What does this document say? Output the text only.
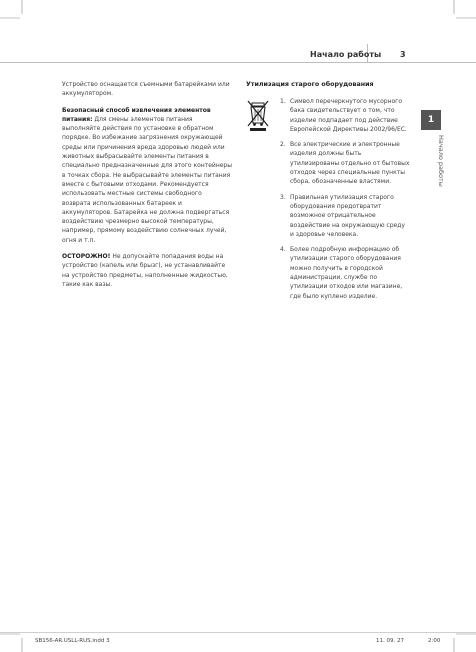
Начало работы 3

Устройство оснащается съемными батарейками или аккумулятором.

Безопасный способ извлечения элементов питания: Для смены элементов питания выполняйте действия по установке в обратном порядке. Во избежание загрязнения окружающей среды или причинения вреда здоровью людей или животных выбрасывайте элементы питания в специально предназначенные для этого контейнеры в точках сбора. Не выбрасывайте элементы питания вместе с бытовыми отходами. Рекомендуется использовать местные системы свободного возврата использованных батареек и аккумуляторов. Батарейка не должна подвергаться воздействию чрезмерно высокой температуры, например, прямому воздействию солнечных лучей, огня и т.п.

ОСТОРОЖНО! Не допускайте попадания воды на устройство (капель или брызг), не устанавливайте на устройство предметы, наполненные жидкостью, такие как вазы.

Утилизация старого оборудования
1. Символ перечеркнутого мусорного бака свидетельствует о том, что изделие подпадает под действие Европейской Директивы 2002/96/EC.
2. Все электрические и электронные изделия должны быть утилизированы отдельно от бытовых отходов через специальные пункты сбора, обозначенные властями.
3. Правильная утилизация старого оборудования предотвратит возможное отрицательное воздействие на окружающую среду и здоровье человека.
4. Более подробную информацию об утилизации старого оборудования можно получить в городской администрации, службе по утилизации отходов или магазине, где было куплено изделие.
1
Начало работы
SB156-AR.USLL-RUS.indd 3	11. 09. 27	2:00
